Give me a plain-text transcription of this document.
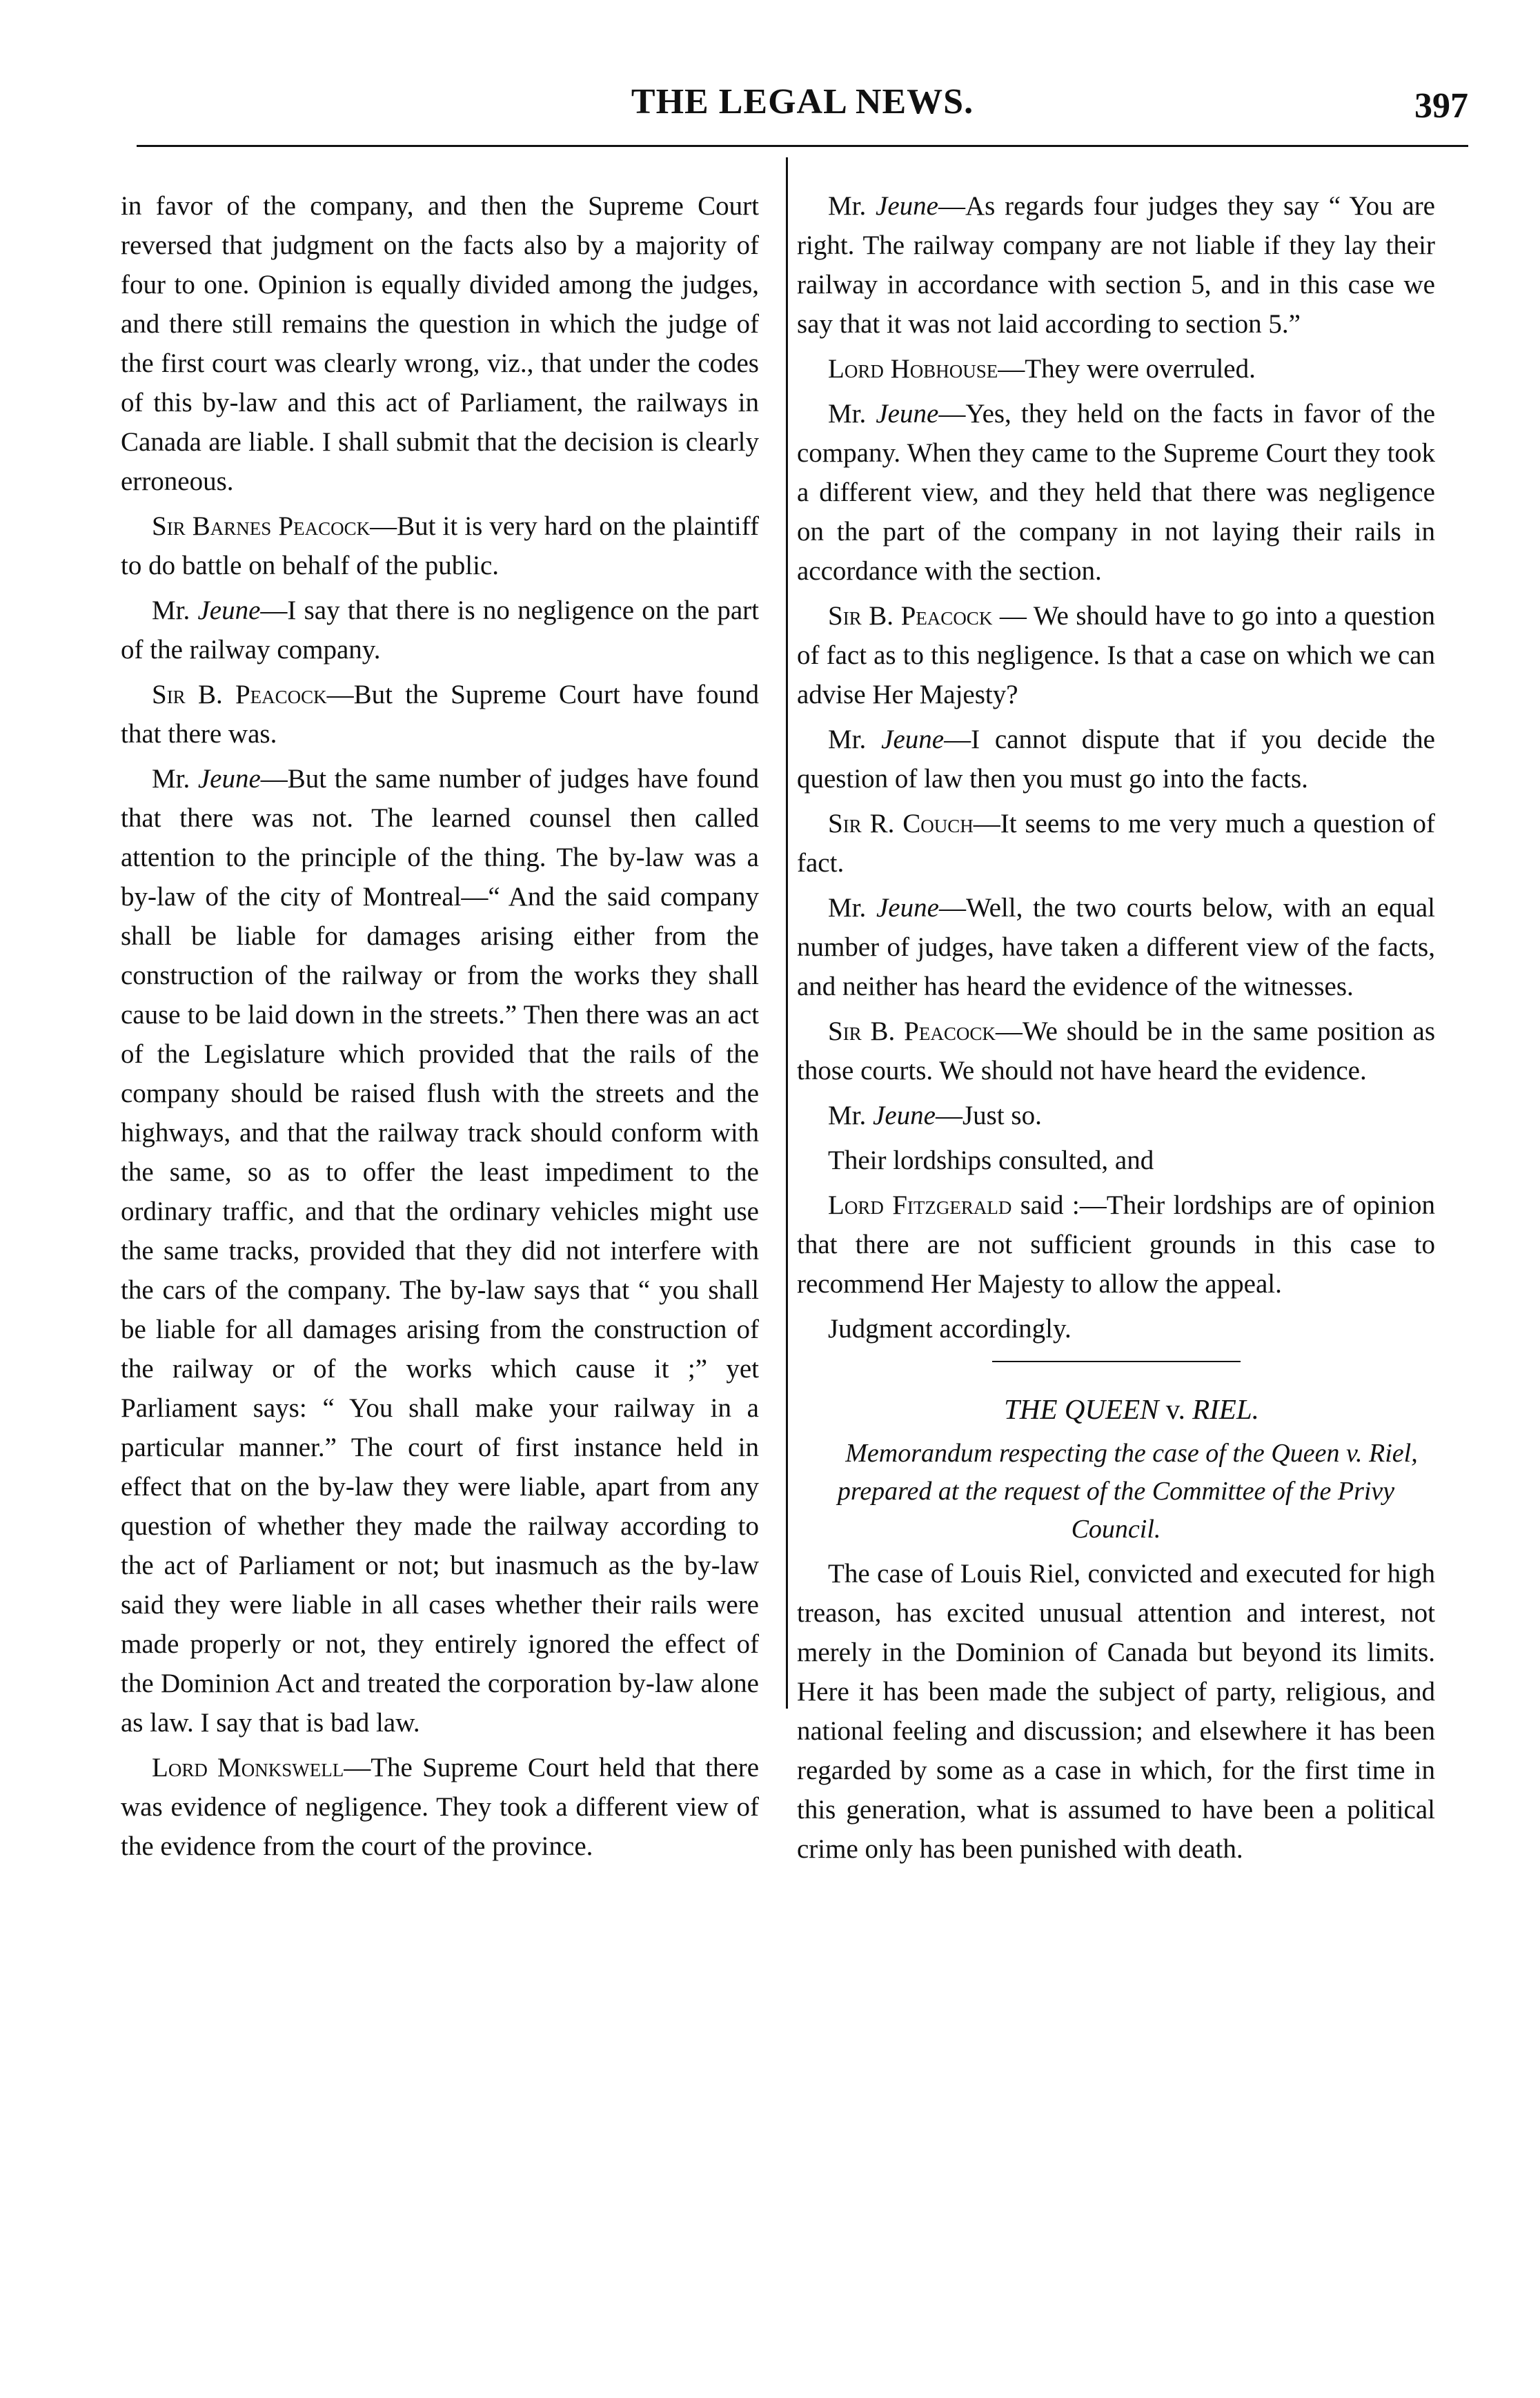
THE LEGAL NEWS.	397

in favor of the company, and then the Supreme Court reversed that judgment on the facts also by a majority of four to one. Opinion is equally divided among the judges, and there still remains the question in which the judge of the first court was clearly wrong, viz., that under the codes of this by-law and this act of Parliament, the railways in Canada are liable. I shall submit that the decision is clearly erroneous.

Sir Barnes Peacock—But it is very hard on the plaintiff to do battle on behalf of the public.

Mr. Jeune—I say that there is no negligence on the part of the railway company.

Sir B. Peacock—But the Supreme Court have found that there was.

Mr. Jeune—But the same number of judges have found that there was not. The learned counsel then called attention to the principle of the thing. The by-law was a by-law of the city of Montreal—“ And the said company shall be liable for damages arising either from the construction of the railway or from the works they shall cause to be laid down in the streets.” Then there was an act of the Legislature which provided that the rails of the company should be raised flush with the streets and the highways, and that the railway track should conform with the same, so as to offer the least impediment to the ordinary traffic, and that the ordinary vehicles might use the same tracks, provided that they did not interfere with the cars of the company. The by-law says that “ you shall be liable for all damages arising from the construction of the railway or of the works which cause it ;” yet Parliament says: “ You shall make your railway in a particular manner.” The court of first instance held in effect that on the by-law they were liable, apart from any question of whether they made the railway according to the act of Parliament or not; but inasmuch as the by-law said they were liable in all cases whether their rails were made properly or not, they entirely ignored the effect of the Dominion Act and treated the corporation by-law alone as law. I say that is bad law.

Lord Monkswell—The Supreme Court held that there was evidence of negligence. They took a different view of the evidence from the court of the province.

Mr. Jeune—As regards four judges they say “ You are right. The railway company are not liable if they lay their railway in accordance with section 5, and in this case we say that it was not laid according to section 5.”

Lord Hobhouse—They were overruled.

Mr. Jeune—Yes, they held on the facts in favor of the company. When they came to the Supreme Court they took a different view, and they held that there was negligence on the part of the company in not laying their rails in accordance with the section.

Sir B. Peacock — We should have to go into a question of fact as to this negligence. Is that a case on which we can advise Her Majesty?

Mr. Jeune—I cannot dispute that if you decide the question of law then you must go into the facts.

Sir R. Couch—It seems to me very much a question of fact.

Mr. Jeune—Well, the two courts below, with an equal number of judges, have taken a different view of the facts, and neither has heard the evidence of the witnesses.

Sir B. Peacock—We should be in the same position as those courts. We should not have heard the evidence.

Mr. Jeune—Just so.

Their lordships consulted, and

Lord Fitzgerald said :—Their lordships are of opinion that there are not sufficient grounds in this case to recommend Her Majesty to allow the appeal.

Judgment accordingly.

THE QUEEN v. RIEL.

Memorandum respecting the case of the Queen v. Riel, prepared at the request of the Committee of the Privy Council.

The case of Louis Riel, convicted and executed for high treason, has excited unusual attention and interest, not merely in the Dominion of Canada but beyond its limits. Here it has been made the subject of party, religious, and national feeling and discussion; and elsewhere it has been regarded by some as a case in which, for the first time in this generation, what is assumed to have been a political crime only has been punished with death.
